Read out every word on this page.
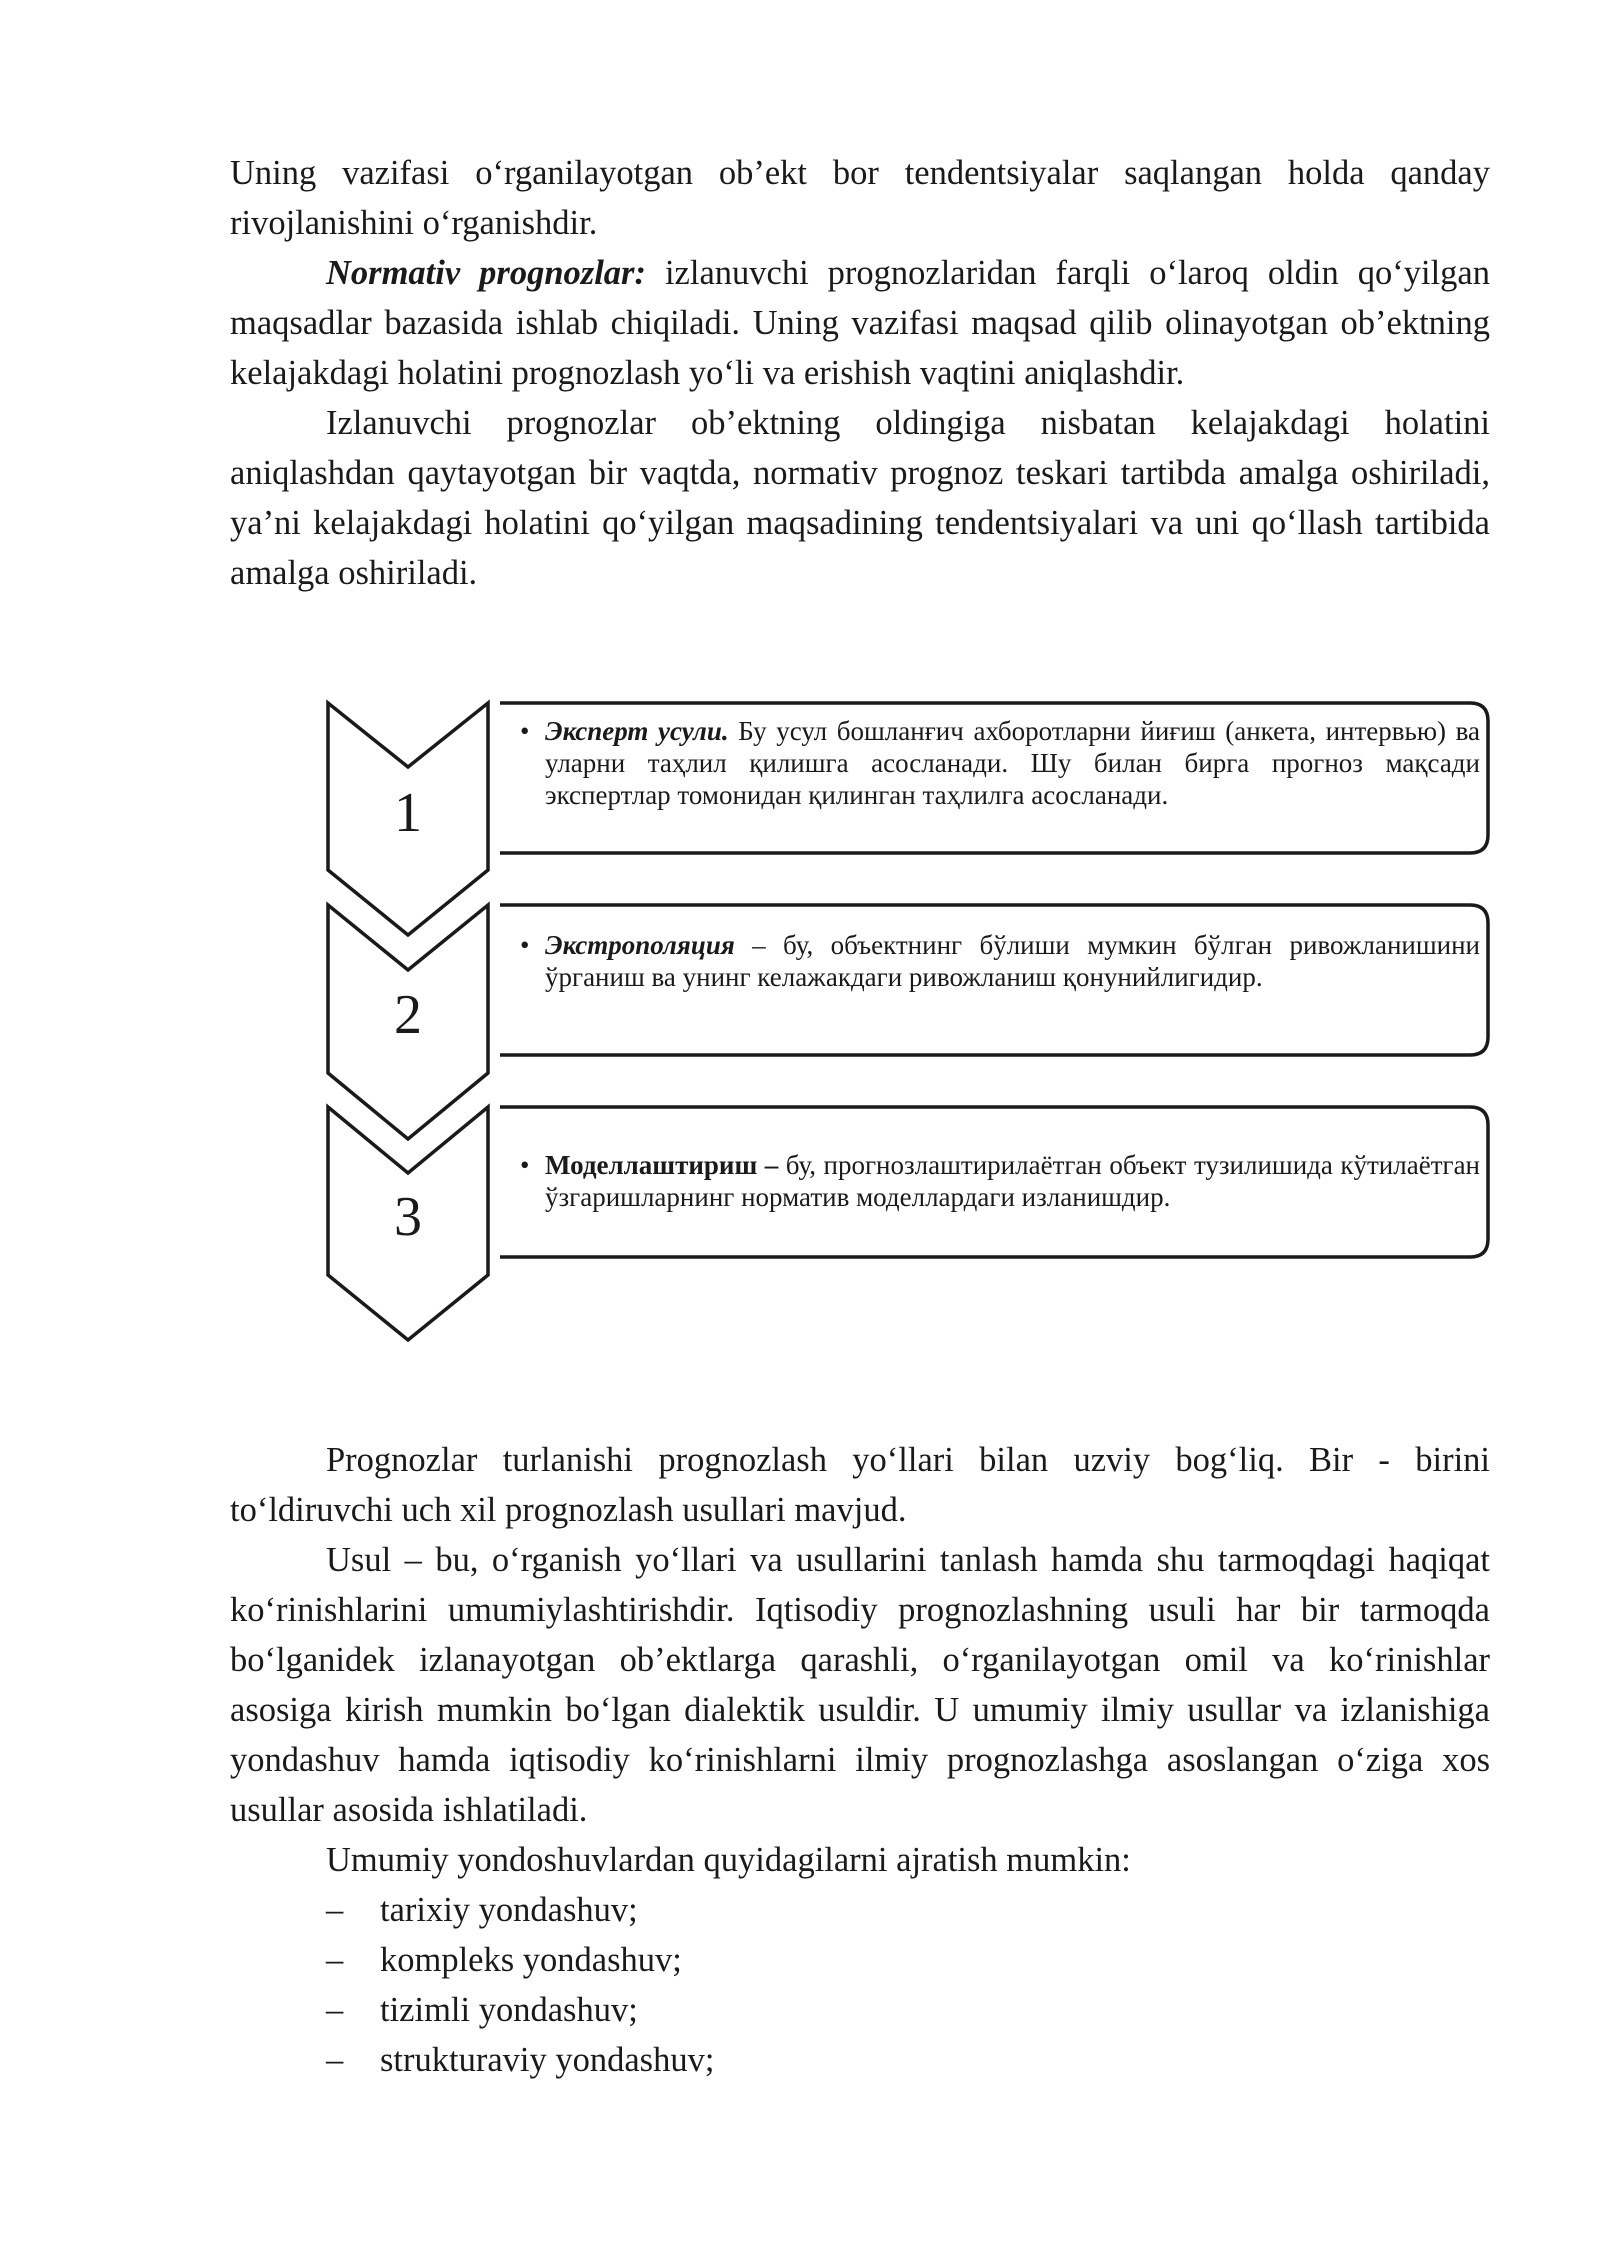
Uning vazifasi o‘rganilayotgan ob’ekt bor tendentsiyalar saqlangan holda qanday rivojlanishini o‘rganishdir.

Normativ prognozlar: izlanuvchi prognozlaridan farqli o‘laroq oldin qo‘yilgan maqsadlar bazasida ishlab chiqiladi. Uning vazifasi maqsad qilib olinayotgan ob’ektning kelajakdagi holatini prognozlash yo‘li va erishish vaqtini aniqlashdir.

Izlanuvchi prognozlar ob’ektning oldingiga nisbatan kelajakdagi holatini aniqlashdan qaytayotgan bir vaqtda, normativ prognoz teskari tartibda amalga oshiriladi, ya’ni kelajakdagi holatini qo‘yilgan maqsadining tendentsiyalari va uni qo‘llash tartibida amalga oshiriladi.

1
2
3
• Эксперт усули. Бу усул бошланғич ахборотларни йиғиш (анкета, интервью) ва уларни таҳлил қилишга асосланади. Шу билан бирга прогноз мақсади экспертлар томонидан қилинган таҳлилга асосланади.
• Экстрополяция – бу, объектнинг бўлиши мумкин бўлган ривожланишини ўрганиш ва унинг келажакдаги ривожланиш қонунийлигидир.
• Моделлаштириш – бу, прогнозлаштирилаётган объект тузилишида кўтилаётган ўзгаришларнинг норматив моделлардаги изланишдир.

Prognozlar turlanishi prognozlash yo‘llari bilan uzviy bog‘liq. Bir - birini to‘ldiruvchi uch xil prognozlash usullari mavjud.

Usul – bu, o‘rganish yo‘llari va usullarini tanlash hamda shu tarmoqdagi haqiqat ko‘rinishlarini umumiylashtirishdir. Iqtisodiy prognozlashning usuli har bir tarmoqda bo‘lganidek izlanayotgan ob’ektlarga qarashli, o‘rganilayotgan omil va ko‘rinishlar asosiga kirish mumkin bo‘lgan dialektik usuldir. U umumiy ilmiy usullar va izlanishiga yondashuv hamda iqtisodiy ko‘rinishlarni ilmiy prognozlashga asoslangan o‘ziga xos usullar asosida ishlatiladi.

Umumiy yondoshuvlardan quyidagilarni ajratish mumkin:

– tarixiy yondashuv;
– kompleks yondashuv;
– tizimli yondashuv;
– strukturaviy yondashuv;
